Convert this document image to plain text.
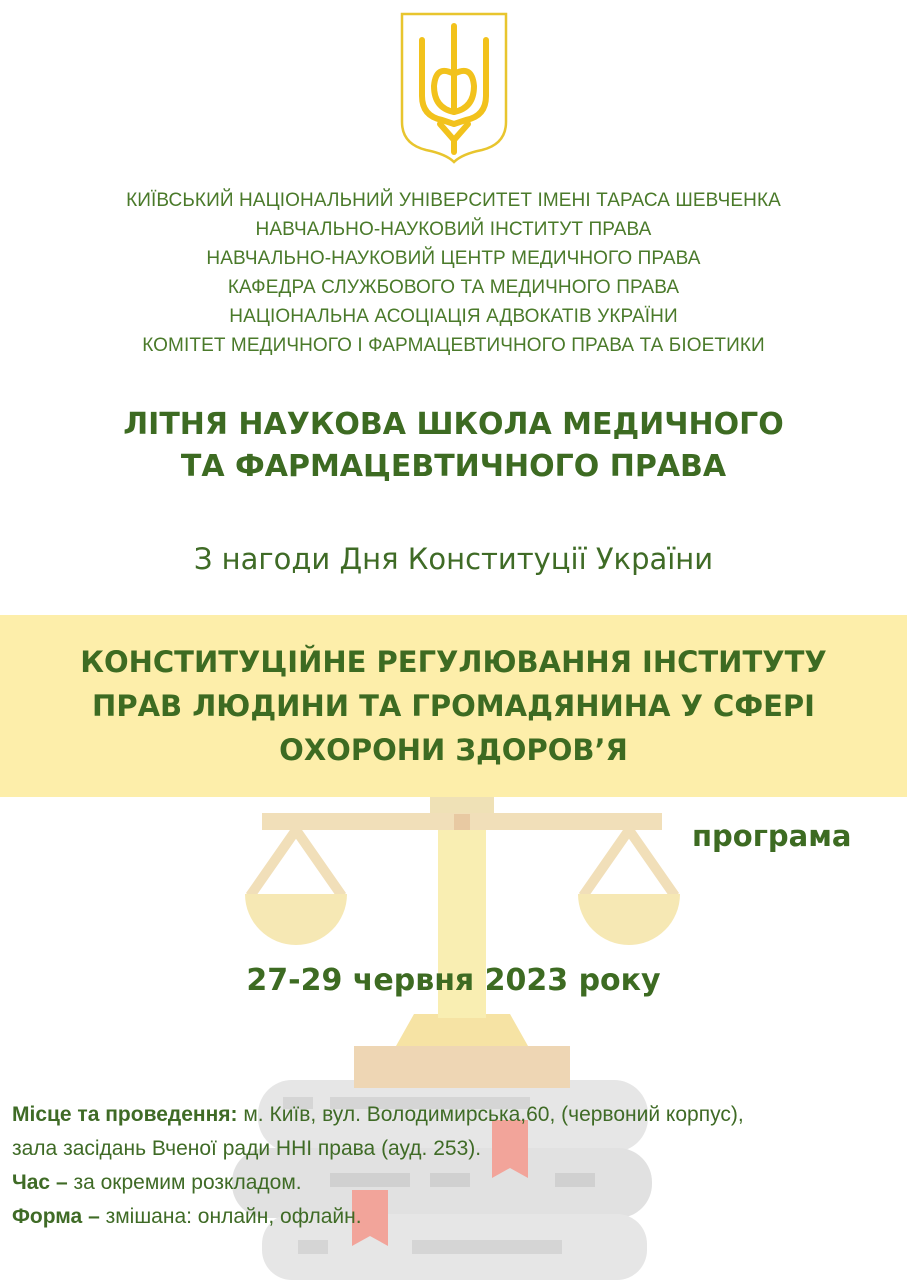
КИЇВСЬКИЙ НАЦІОНАЛЬНИЙ УНІВЕРСИТЕТ ІМЕНІ ТАРАСА ШЕВЧЕНКА
НАВЧАЛЬНО-НАУКОВИЙ ІНСТИТУТ ПРАВА
НАВЧАЛЬНО-НАУКОВИЙ ЦЕНТР МЕДИЧНОГО ПРАВА
КАФЕДРА СЛУЖБОВОГО ТА МЕДИЧНОГО ПРАВА
НАЦІОНАЛЬНА АСОЦІАЦІЯ АДВОКАТІВ УКРАЇНИ
КОМІТЕТ МЕДИЧНОГО І ФАРМАЦЕВТИЧНОГО ПРАВА ТА БІОЕТИКИ
ЛІТНЯ НАУКОВА ШКОЛА МЕДИЧНОГО
ТА ФАРМАЦЕВТИЧНОГО ПРАВА
З нагоди Дня Конституції України
КОНСТИТУЦІЙНЕ РЕГУЛЮВАННЯ ІНСТИТУТУ
ПРАВ ЛЮДИНИ ТА ГРОМАДЯНИНА У СФЕРІ
ОХОРОНИ ЗДОРОВ’Я
програма
27-29 червня 2023 року
Місце та проведення: м. Київ, вул. Володимирська,60, (червоний корпус),
зала засідань Вченої ради ННІ права (ауд. 253).
Час – за окремим розкладом.
Форма – змішана: онлайн, офлайн.
